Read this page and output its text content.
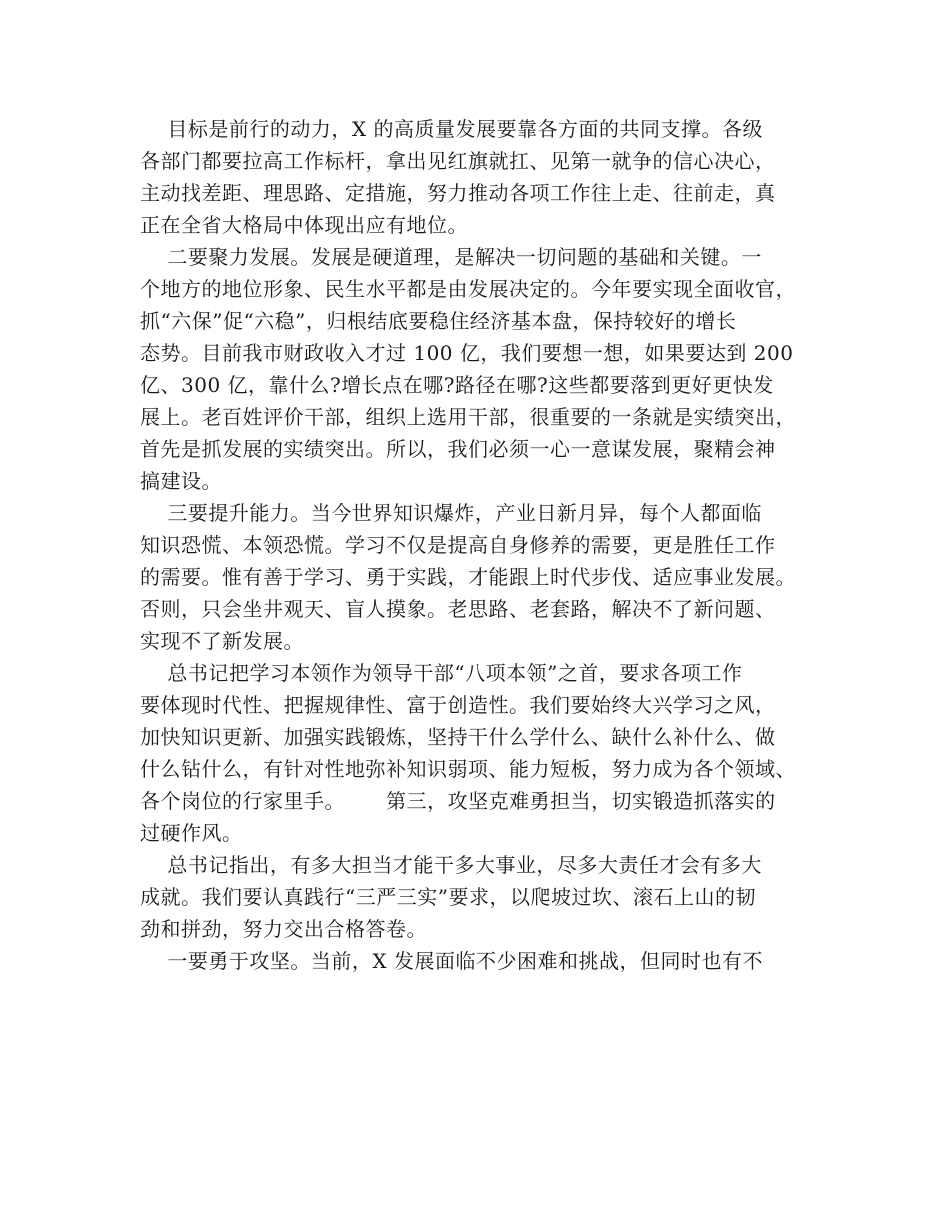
目标是前行的动力，X 的高质量发展要靠各方面的共同支撑。各级
各部门都要拉高工作标杆，拿出见红旗就扛、见第一就争的信心决心，
主动找差距、理思路、定措施，努力推动各项工作往上走、往前走，真
正在全省大格局中体现出应有地位。
二要聚力发展。发展是硬道理，是解决一切问题的基础和关键。一
个地方的地位形象、民生水平都是由发展决定的。今年要实现全面收官，
抓“六保”促“六稳”，归根结底要稳住经济基本盘，保持较好的增长
态势。目前我市财政收入才过 100 亿，我们要想一想，如果要达到 200
亿、300 亿，靠什么?增长点在哪?路径在哪?这些都要落到更好更快发
展上。老百姓评价干部，组织上选用干部，很重要的一条就是实绩突出，
首先是抓发展的实绩突出。所以，我们必须一心一意谋发展，聚精会神
搞建设。
三要提升能力。当今世界知识爆炸，产业日新月异，每个人都面临
知识恐慌、本领恐慌。学习不仅是提高自身修养的需要，更是胜任工作
的需要。惟有善于学习、勇于实践，才能跟上时代步伐、适应事业发展。
否则，只会坐井观天、盲人摸象。老思路、老套路，解决不了新问题、
实现不了新发展。
总书记把学习本领作为领导干部“八项本领”之首，要求各项工作
要体现时代性、把握规律性、富于创造性。我们要始终大兴学习之风，
加快知识更新、加强实践锻炼，坚持干什么学什么、缺什么补什么、做
什么钻什么，有针对性地弥补知识弱项、能力短板，努力成为各个领域、
各个岗位的行家里手。      第三，攻坚克难勇担当，切实锻造抓落实的
过硬作风。
总书记指出，有多大担当才能干多大事业，尽多大责任才会有多大
成就。我们要认真践行“三严三实”要求，以爬坡过坎、滚石上山的韧
劲和拼劲，努力交出合格答卷。
一要勇于攻坚。当前，X 发展面临不少困难和挑战，但同时也有不
